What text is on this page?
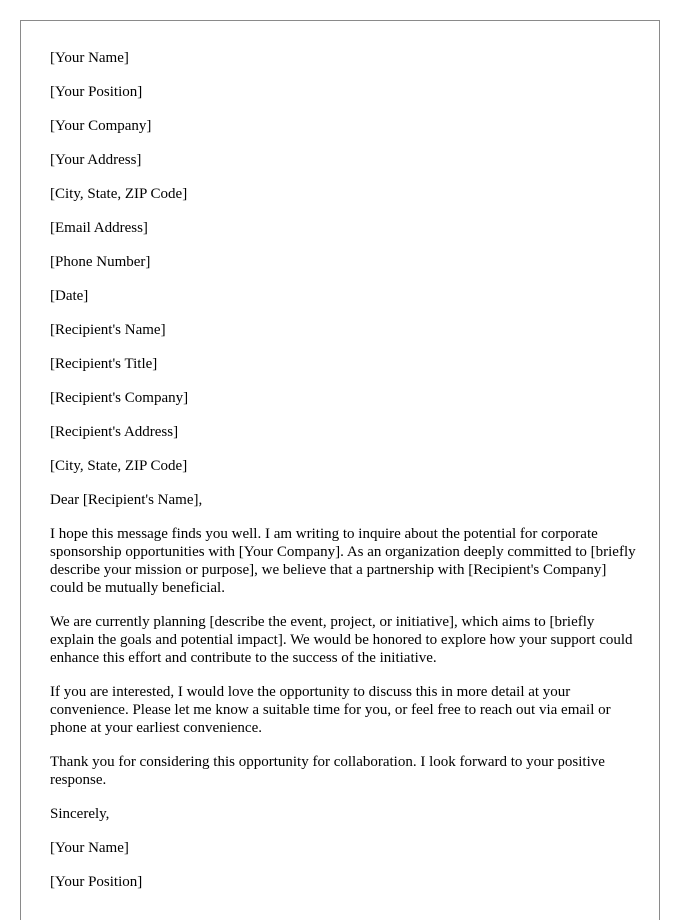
[Your Name]

[Your Position]

[Your Company]

[Your Address]

[City, State, ZIP Code]

[Email Address]

[Phone Number]

[Date]

[Recipient's Name]

[Recipient's Title]

[Recipient's Company]

[Recipient's Address]

[City, State, ZIP Code]

Dear [Recipient's Name],

I hope this message finds you well. I am writing to inquire about the potential for corporate sponsorship opportunities with [Your Company]. As an organization deeply committed to [briefly describe your mission or purpose], we believe that a partnership with [Recipient's Company] could be mutually beneficial.

We are currently planning [describe the event, project, or initiative], which aims to [briefly explain the goals and potential impact]. We would be honored to explore how your support could enhance this effort and contribute to the success of the initiative.

If you are interested, I would love the opportunity to discuss this in more detail at your convenience. Please let me know a suitable time for you, or feel free to reach out via email or phone at your earliest convenience.

Thank you for considering this opportunity for collaboration. I look forward to your positive response.

Sincerely,

[Your Name]

[Your Position]
